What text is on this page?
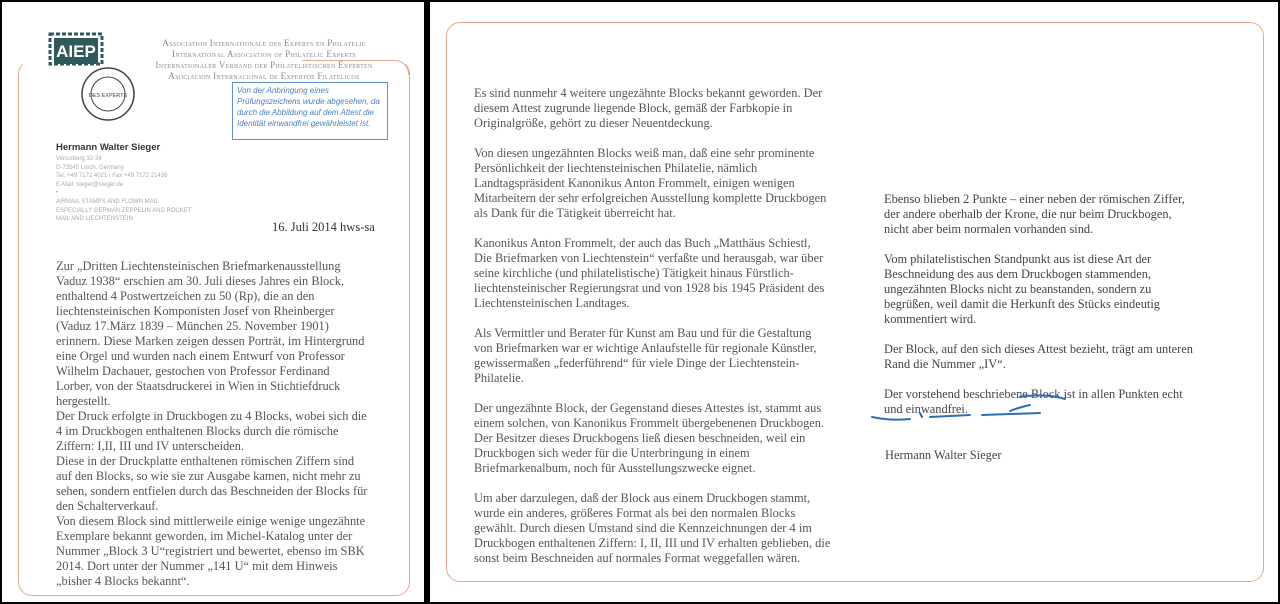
AIEP
DES EXPERTS
Association Internationale des Experts en Philatelie
International Association of Philatelic Experts
Internationaler Verband der Philatelistischen Experten
Asociacion Internacional de Expertos Filatelicos
Von der Anbringung eines Prüfungszeichens wurde abgesehen, da durch die Abbildung auf dem Attest die Identität einwandfrei gewährleistet ist.
Hermann Walter Sieger
Venusberg 32-34
D-73545 Lorch, Germany
Tel. +49 7172 4021 / Fax +49 7172 21436
E-Mail: sieger@sieger.de
•
AIRMAIL STAMPS AND FLOWN MAIL
ESPECIALLY GERMAN ZEPPELIN AND ROCKET
MAIL AND LIECHTENSTEIN
16. Juli 2014 hws-sa

Zur „Dritten Liechtensteinischen Briefmarkenausstellung
Vaduz 1938“ erschien am 30. Juli dieses Jahres ein Block,
enthaltend 4 Postwertzeichen zu 50 (Rp), die an den
liechtensteinischen Komponisten Josef von Rheinberger
(Vaduz 17.März 1839 – München 25. November 1901)
erinnern. Diese Marken zeigen dessen Porträt, im Hintergrund
eine Orgel und wurden nach einem Entwurf von Professor
Wilhelm Dachauer, gestochen von Professor Ferdinand
Lorber, von der Staatsdruckerei in Wien in Stichtiefdruck
hergestellt.

Der Druck erfolgte in Druckbogen zu 4 Blocks, wobei sich die
4 im Druckbogen enthaltenen Blocks durch die römische
Ziffern: I,II, III und IV unterscheiden.

Diese in der Druckplatte enthaltenen römischen Ziffern sind
auf den Blocks, so wie sie zur Ausgabe kamen, nicht mehr zu
sehen, sondern entfielen durch das Beschneiden der Blocks für
den Schalterverkauf.

Von diesem Block sind mittlerweile einige wenige ungezähnte
Exemplare bekannt geworden, im Michel-Katalog unter der
Nummer „Block 3 U“registriert und bewertet, ebenso im SBK
2014. Dort unter der Nummer „141 U“ mit dem Hinweis
„bisher 4 Blocks bekannt“.

Es sind nunmehr 4 weitere ungezähnte Blocks bekannt geworden. Der
diesem Attest zugrunde liegende Block, gemäß der Farbkopie in
Originalgröße, gehört zu dieser Neuentdeckung.

Von diesen ungezähnten Blocks weiß man, daß eine sehr prominente
Persönlichkeit der liechtensteinischen Philatelie, nämlich
Landtagspräsident Kanonikus Anton Frommelt, einigen wenigen
Mitarbeitern der sehr erfolgreichen Ausstellung komplette Druckbogen
als Dank für die Tätigkeit überreicht hat.

Kanonikus Anton Frommelt, der auch das Buch „Matthäus Schiestl,
Die Briefmarken von Liechtenstein“ verfaßte und herausgab, war über
seine kirchliche (und philatelistische) Tätigkeit hinaus Fürstlich-
liechtensteinischer Regierungsrat und von 1928 bis 1945 Präsident des
Liechtensteinischen Landtages.

Als Vermittler und Berater für Kunst am Bau und für die Gestaltung
von Briefmarken war er wichtige Anlaufstelle für regionale Künstler,
gewissermaßen „federführend“ für viele Dinge der Liechtenstein-
Philatelie.

Der ungezähnte Block, der Gegenstand dieses Attestes ist, stammt aus
einem solchen, von Kanonikus Frommelt übergebenenen Druckbogen.
Der Besitzer dieses Druckbogens ließ diesen beschneiden, weil ein
Druckbogen sich weder für die Unterbringung in einem
Briefmarkenalbum, noch für Ausstellungszwecke eignet.

Um aber darzulegen, daß der Block aus einem Druckbogen stammt,
wurde ein anderes, größeres Format als bei den normalen Blocks
gewählt. Durch diesen Umstand sind die Kennzeichnungen der 4 im
Druckbogen enthaltenen Ziffern: I, II, III und IV erhalten geblieben, die
sonst beim Beschneiden auf normales Format weggefallen wären.

Ebenso blieben 2 Punkte – einer neben der römischen Ziffer,
der andere oberhalb der Krone, die nur beim Druckbogen,
nicht aber beim normalen vorhanden sind.

Vom philatelistischen Standpunkt aus ist diese Art der
Beschneidung des aus dem Druckbogen stammenden,
ungezähnten Blocks nicht zu beanstanden, sondern zu
begrüßen, weil damit die Herkunft des Stücks eindeutig
kommentiert wird.

Der Block, auf den sich dieses Attest bezieht, trägt am unteren
Rand die Nummer „IV“.

Der vorstehend beschriebene Block ist in allen Punkten echt
und einwandfrei.

Hermann Walter Sieger
